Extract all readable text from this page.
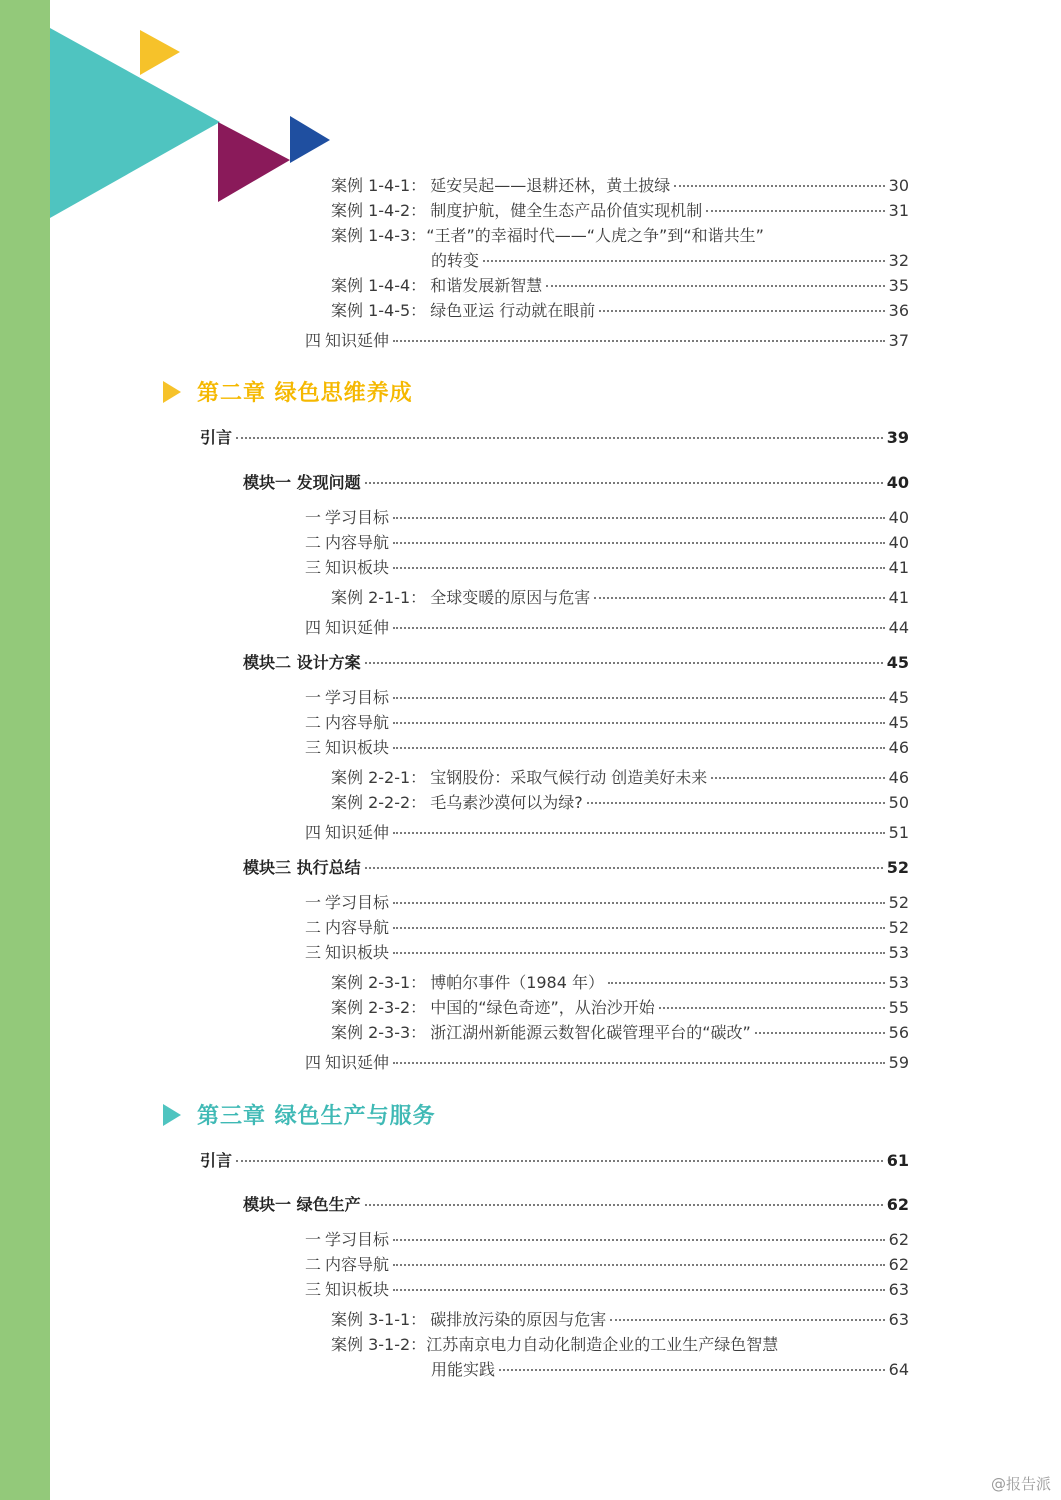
案例 1-4-1： 延安吴起——退耕还林，黄土披绿	30
案例 1-4-2： 制度护航，健全生态产品价值实现机制	31
案例 1-4-3：“王者”的幸福时代——“人虎之争”到“和谐共生”
的转变	32
案例 1-4-4： 和谐发展新智慧	35
案例 1-4-5： 绿色亚运 行动就在眼前	36
四 知识延伸	37
第二章 绿色思维养成
引言	39
模块一 发现问题	40
一 学习目标	40
二 内容导航	40
三 知识板块	41
案例 2-1-1： 全球变暖的原因与危害	41
四 知识延伸	44
模块二 设计方案	45
一 学习目标	45
二 内容导航	45
三 知识板块	46
案例 2-2-1： 宝钢股份：采取气候行动 创造美好未来	46
案例 2-2-2： 毛乌素沙漠何以为绿?	50
四 知识延伸	51
模块三 执行总结	52
一 学习目标	52
二 内容导航	52
三 知识板块	53
案例 2-3-1： 博帕尔事件（1984 年）	53
案例 2-3-2： 中国的“绿色奇迹”，从治沙开始	55
案例 2-3-3： 浙江湖州新能源云数智化碳管理平台的“碳改”	56
四 知识延伸	59
第三章 绿色生产与服务
引言	61
模块一 绿色生产	62
一 学习目标	62
二 内容导航	62
三 知识板块	63
案例 3-1-1： 碳排放污染的原因与危害	63
案例 3-1-2：江苏南京电力自动化制造企业的工业生产绿色智慧
用能实践	64
@报告派
